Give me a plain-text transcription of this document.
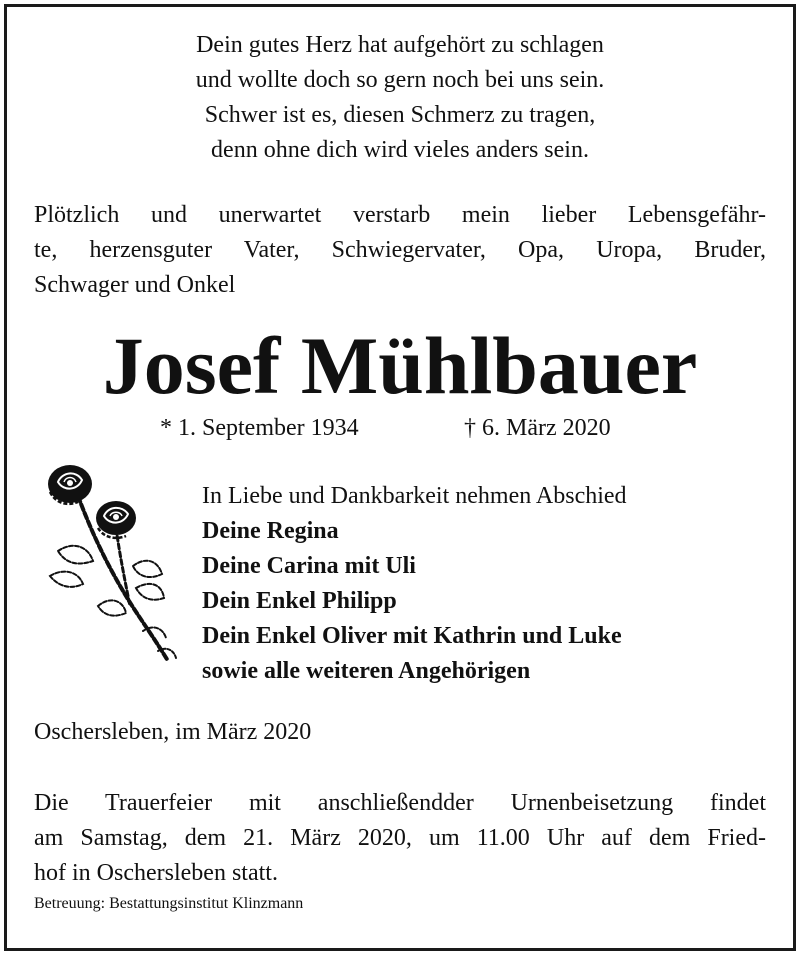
Dein gutes Herz hat aufgehört zu schlagen
und wollte doch so gern noch bei uns sein.
Schwer ist es, diesen Schmerz zu tragen,
denn ohne dich wird vieles anders sein.
Plötzlich und unerwartet verstarb mein lieber Lebensgefähr-
te, herzensguter Vater, Schwiegervater, Opa, Uropa, Bruder,
Schwager und Onkel
Josef Mühlbauer
* 1. September 1934	† 6. März 2020
In Liebe und Dankbarkeit nehmen Abschied
Deine Regina
Deine Carina mit Uli
Dein Enkel Philipp
Dein Enkel Oliver mit Kathrin und Luke
sowie alle weiteren Angehörigen
Oschersleben, im März 2020
Die Trauerfeier mit anschließendder Urnenbeisetzung findet
am Samstag, dem 21. März 2020, um 11.00 Uhr auf dem Fried-
hof in Oschersleben statt.
Betreuung: Bestattungsinstitut Klinzmann
